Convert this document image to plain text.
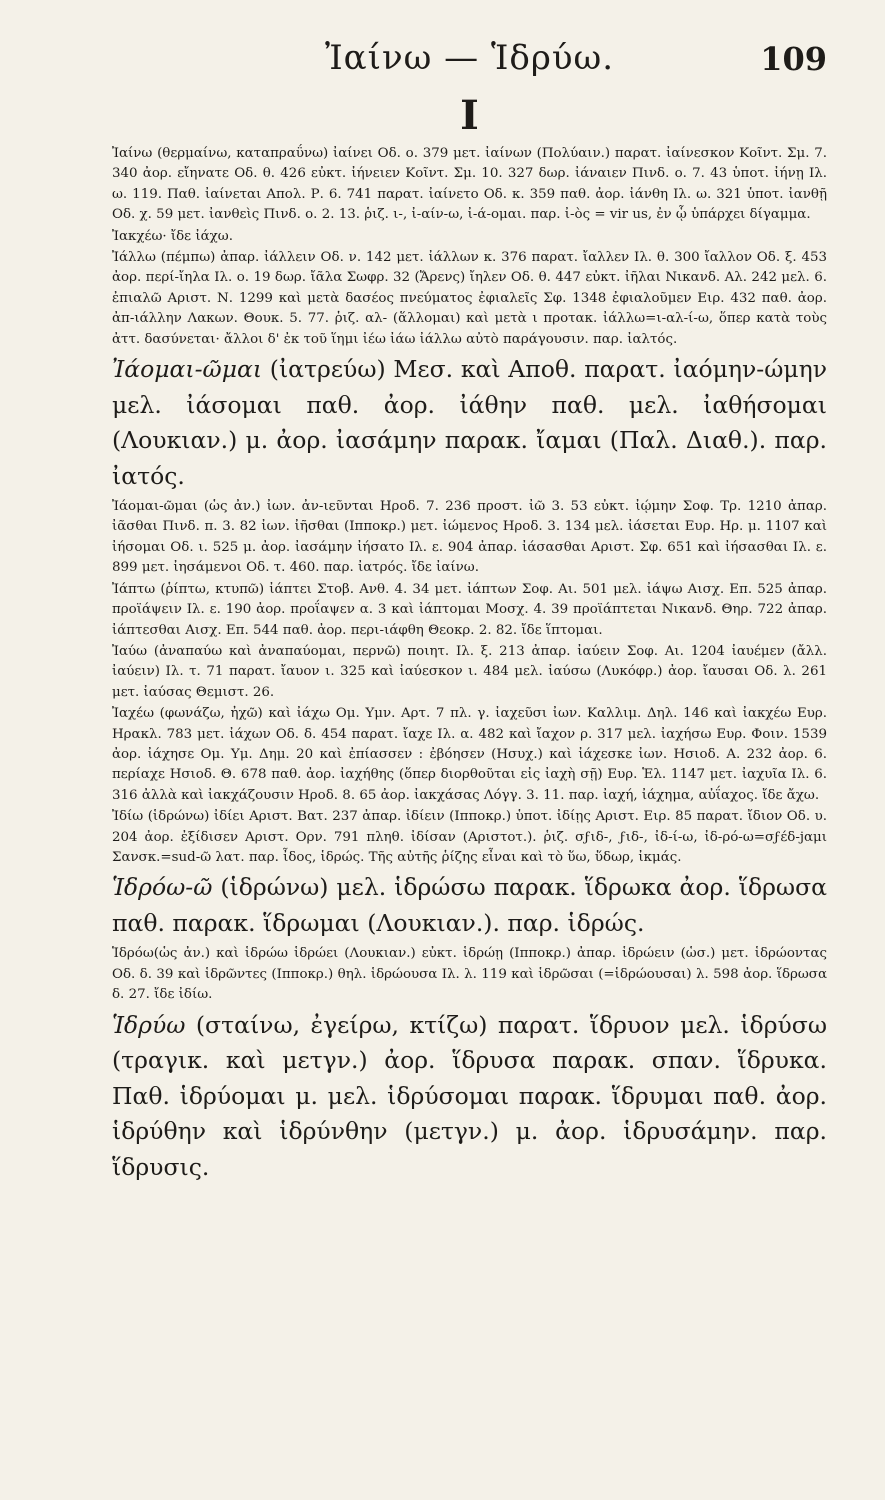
Ἰαίνω — Ἱδρύω.	109
I

Ἰαίνω (θερμαίνω, καταπραΰνω) ἰαίνει Οδ. ο. 379 μετ. ἰαίνων (Πολύαιν.) παρατ. ἰαίνεσκον Κοῖντ. Σμ. 7. 340 ἀορ. εἴηνατε Οδ. θ. 426 εὐκτ. ἰήνειεν Κοῖντ. Σμ. 10. 327 δωρ. ἰάναιεν Πινδ. ο. 7. 43 ὑποτ. ἰήνῃ Ιλ. ω. 119. Παθ. ἰαίνεται Απολ. Ρ. 6. 741 παρατ. ἰαίνετο Οδ. κ. 359 παθ. ἀορ. ἰάνθη Ιλ. ω. 321 ὑποτ. ἰανθῇ Οδ. χ. 59 μετ. ἰανθεὶς Πινδ. ο. 2. 13. ῥιζ. ι-, ἰ-αίν-ω, ἰ-ά-ομαι. παρ. ἰ-ὸς = vir us, ἐν ᾧ ὑπάρχει δίγαμμα.

Ἰακχέω· ἴδε ἰάχω.

Ἰάλλω (πέμπω) ἀπαρ. ἰάλλειν Οδ. ν. 142 μετ. ἰάλλων κ. 376 παρατ. ἴαλλεν Ιλ. θ. 300 ἴαλλον Οδ. ξ. 453 ἀορ. περί-ἴηλα Ιλ. ο. 19 δωρ. ἴᾶλα Σωφρ. 32 (Ἄρενς) ἴηλεν Οδ. θ. 447 εὐκτ. ἰῆλαι Νικανδ. Αλ. 242 μελ. 6. ἐπιαλῶ Αριστ. Ν. 1299 καὶ μετὰ δασέος πνεύματος ἐφιαλεῖς Σφ. 1348 ἐφιαλοῦμεν Ειρ. 432 παθ. ἀορ. ἀπ-ιάλλην Λακων. Θουκ. 5. 77. ῥιζ. αλ- (ἅλλομαι) καὶ μετὰ ι προτακ. ἰάλλω=ι-αλ-ί-ω, ὅπερ κατὰ τοὺς ἀττ. δασύνεται· ἄλλοι δ' ἐκ τοῦ ἵημι ἰέω ἰάω ἰάλλω αὐτὸ παράγουσιν. παρ. ἰαλτός.

Ἰάομαι-ῶμαι (ἰατρεύω) Μεσ. καὶ Αποθ. παρατ. ἰαόμην-ώμην μελ. ἰάσομαι παθ. ἀορ. ἰάθην παθ. μελ. ἰαθήσομαι (Λουκιαν.) μ. ἀορ. ἰασάμην παρακ. ἴαμαι (Παλ. Διαθ.). παρ. ἰατός.

Ἰάομαι-ῶμαι (ὡς ἀν.) ἰων. ἀν-ιεῦνται Ηροδ. 7. 236 προστ. ἰῶ 3. 53 εὐκτ. ἰῴμην Σοφ. Τρ. 1210 ἀπαρ. ἰᾶσθαι Πινδ. π. 3. 82 ἰων. ἰῆσθαι (Ιπποκρ.) μετ. ἰώμενος Ηροδ. 3. 134 μελ. ἰάσεται Ευρ. Ηρ. μ. 1107 καὶ ἰήσομαι Οδ. ι. 525 μ. ἀορ. ἰασάμην ἰήσατο Ιλ. ε. 904 ἀπαρ. ἰάσασθαι Αριστ. Σφ. 651 καὶ ἰήσασθαι Ιλ. ε. 899 μετ. ἰησάμενοι Οδ. τ. 460. παρ. ἰατρός. ἴδε ἰαίνω.

Ἰάπτω (ῥίπτω, κτυπῶ) ἰάπτει Στοβ. Ανθ. 4. 34 μετ. ἰάπτων Σοφ. Αι. 501 μελ. ἰάψω Αισχ. Επ. 525 ἀπαρ. προϊάψειν Ιλ. ε. 190 ἀορ. προΐαψεν α. 3 καὶ ἰάπτομαι Μοσχ. 4. 39 προϊάπτεται Νικανδ. Θηρ. 722 ἀπαρ. ἰάπτεσθαι Αισχ. Επ. 544 παθ. ἀορ. περι-ιάφθη Θεοκρ. 2. 82. ἴδε ἵπτομαι.

Ἰαύω (ἀναπαύω καὶ ἀναπαύομαι, περνῶ) ποιητ. Ιλ. ξ. 213 ἀπαρ. ἰαύειν Σοφ. Αι. 1204 ἰαυέμεν (ἄλλ. ἰαύειν) Ιλ. τ. 71 παρατ. ἴαυον ι. 325 καὶ ἰαύεσκον ι. 484 μελ. ἰαύσω (Λυκόφρ.) ἀορ. ἴαυσαι Οδ. λ. 261 μετ. ἰαύσας Θεμιστ. 26.

Ἰαχέω (φωνάζω, ἠχῶ) καὶ ἰάχω Ομ. Υμν. Αρτ. 7 πλ. γ. ἰαχεῦσι ἰων. Καλλιμ. Δηλ. 146 καὶ ἰακχέω Ευρ. Ηρακλ. 783 μετ. ἰάχων Οδ. δ. 454 παρατ. ἴαχε Ιλ. α. 482 καὶ ἴαχον ρ. 317 μελ. ἰαχήσω Ευρ. Φοιν. 1539 ἀορ. ἰάχησε Ομ. Υμ. Δημ. 20 καὶ ἐπίασσεν : ἐβόησεν (Ησυχ.) καὶ ἰάχεσκε ἰων. Ησιοδ. Α. 232 ἀορ. 6. περίαχε Ησιοδ. Θ. 678 παθ. ἀορ. ἰαχήθης (ὅπερ διορθοῦται εἰς ἰαχὴ σῇ) Ευρ. Ἑλ. 1147 μετ. ἰαχυῖα Ιλ. 6. 316 ἀλλὰ καὶ ἰακχάζουσιν Ηροδ. 8. 65 ἀορ. ἰακχάσας Λόγγ. 3. 11. παρ. ἰαχή, ἰάχημα, αὐΐαχος. ἴδε ἄχω.

Ἰδίω (ἱδρώνω) ἰδίει Αριστ. Βατ. 237 ἀπαρ. ἰδίειν (Ιπποκρ.) ὑποτ. ἰδίῃς Αριστ. Ειρ. 85 παρατ. ἴδιον Οδ. υ. 204 ἀορ. ἐξίδισεν Αριστ. Ορν. 791 πληθ. ἰδίσαν (Αριστοτ.). ῥιζ. σϝιδ-, ϝιδ-, ἰδ-ί-ω, ἰδ-ρό-ω=σϝέδ-jαμι Σανσκ.=sud-ῶ λατ. παρ. ἶδος, ἱδρώς. Τῆς αὐτῆς ῥίζης εἶναι καὶ τὸ ὕω, ὕδωρ, ἰκμάς.

Ἱδρόω-ῶ (ἱδρώνω) μελ. ἱδρώσω παρακ. ἵδρωκα ἀορ. ἵδρωσα παθ. παρακ. ἵδρωμαι (Λουκιαν.). παρ. ἱδρώς.

Ἱδρόω(ὡς ἀν.) καὶ ἱδρώω ἱδρώει (Λουκιαν.) εὐκτ. ἱδρώῃ (Ιπποκρ.) ἀπαρ. ἱδρώειν (ὡσ.) μετ. ἱδρώοντας Οδ. δ. 39 καὶ ἱδρῶντες (Ιπποκρ.) θηλ. ἱδρώουσα Ιλ. λ. 119 καὶ ἱδρῶσαι (=ἱδρώουσαι) λ. 598 ἀορ. ἵδρωσα δ. 27. ἴδε ἰδίω.

Ἱδρύω (σταίνω, ἐγείρω, κτίζω) παρατ. ἵδρυον μελ. ἱδρύσω (τραγικ. καὶ μετγν.) ἀορ. ἵδρυσα παρακ. σπαν. ἵδρυκα. Παθ. ἱδρύομαι μ. μελ. ἱδρύσομαι παρακ. ἵδρυμαι παθ. ἀορ. ἱδρύθην καὶ ἱδρύνθην (μετγν.) μ. ἀορ. ἱδρυσάμην. παρ. ἵδρυσις.
